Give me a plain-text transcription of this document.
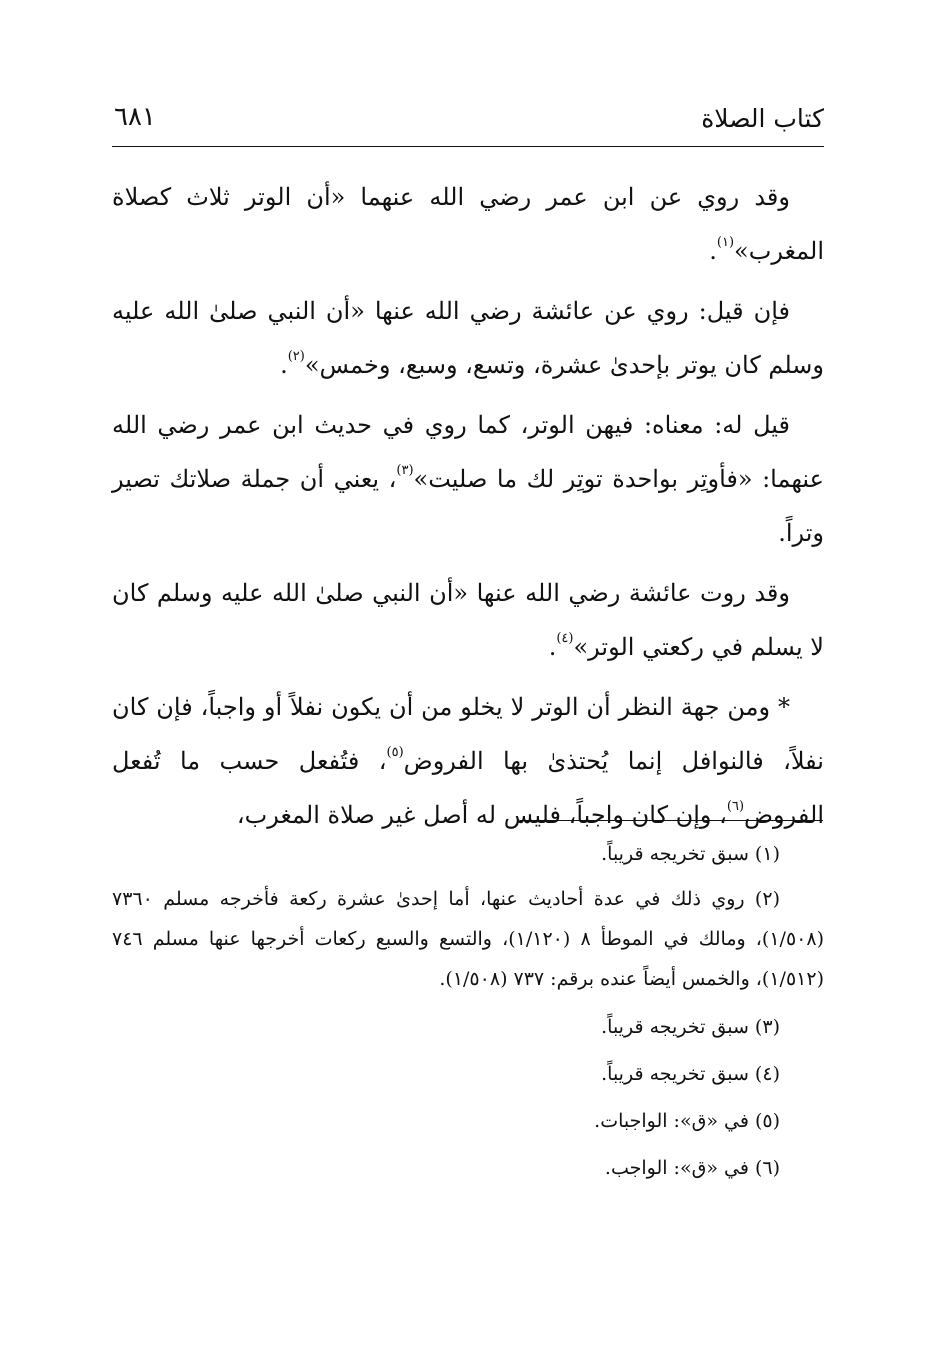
كتاب الصلاة
٦٨١

وقد روي عن ابن عمر رضي الله عنهما «أن الوتر ثلاث كصلاة المغرب»$^{(١)}$.

فإن قيل: روي عن عائشة رضي الله عنها «أن النبي صلىٰ الله عليه وسلم كان يوتر بإحدىٰ عشرة، وتسع، وسبع، وخمس»$^{(٢)}$.

قيل له: معناه: فيهن الوتر، كما روي في حديث ابن عمر رضي الله عنهما: «فأوتِر بواحدة توتِر لك ما صليت»$^{(٣)}$، يعني أن جملة صلاتك تصير وتراً.

وقد روت عائشة رضي الله عنها «أن النبي صلىٰ الله عليه وسلم كان لا يسلم في ركعتي الوتر»$^{(٤)}$.

* ومن جهة النظر أن الوتر لا يخلو من أن يكون نفلاً أو واجباً، فإن كان نفلاً، فالنوافل إنما يُحتذىٰ بها الفروض$^{(٥)}$، فتُفعل حسب ما تُفعل الفروض$^{(٦)}$، وإن كان واجباً، فليس له أصل غير صلاة المغرب،

(١) سبق تخريجه قريباً.

(٢) روي ذلك في عدة أحاديث عنها، أما إحدىٰ عشرة ركعة فأخرجه مسلم ٧٣٦٠ (١/٥٠٨)، ومالك في الموطأ ٨ (١/١٢٠)، والتسع والسبع ركعات أخرجها عنها مسلم ٧٤٦ (١/٥١٢)، والخمس أيضاً عنده برقم: ٧٣٧ (١/٥٠٨).

(٣) سبق تخريجه قريباً.

(٤) سبق تخريجه قريباً.

(٥) في «ق»: الواجبات.

(٦) في «ق»: الواجب.
